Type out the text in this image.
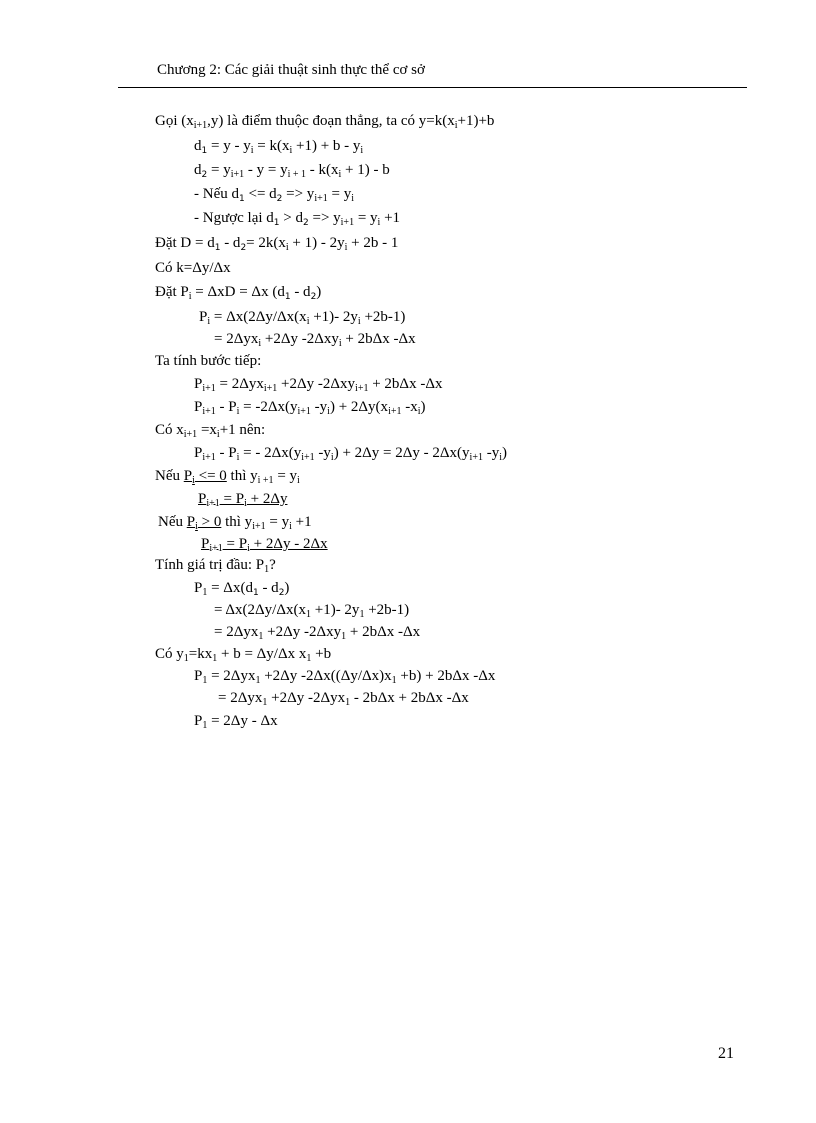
Chương 2: Các giải thuật sinh thực thể cơ sở
Gọi $(x_{i+1},y)$ là điểm thuộc đoạn thẳng, ta có $y=k(x_i+1)+b$
$d_1 = y - y_i = k(x_i +1) + b - y_i$
$d_2 = y_{i+1} - y = y_{i + 1} - k(x_i + 1) - b$
- Nếu $d_1 <= d_2 => y_{i+1} = y_i$
- Ngược lại $d_1 > d_2 => y_{i+1} = y_i +1$
Đặt $D = d_1 - d_2= 2k(x_i + 1) - 2y_i + 2b - 1$
Có k=Δy/Δx
Đặt $P_i = \Delta xD = \Delta x$ $(d_1 - d_2)$
$P_i = \Delta x(2\Delta y/\Delta x(x_i +1)-$ $2y_i +2b-1$)
= 2Δyx$_i$ +2Δy -2Δxy$_i$ + 2bΔx -Δx
Ta tính bước tiếp:
$P_{i+1} = 2\Delta yx_{i+1} +2\Delta y$ -2Δxy$_{i+1}$ + 2bΔx -Δx
$P_{i+1} - P_i = -2\Delta x(y_{i+1}$ $-y_i) + 2\Delta y(x_{i+1}$ $-x_i$)
Có $x_{i+1} =x_i+1$ nên:
$P_{i+1} - P_i$ = - $2\Delta x(y_{i+1}$ $-y_i) + 2\Delta y = 2\Delta y - 2\Delta x(y_{i+1}$ $-y_i$)
Nếu $P_i <= 0$ thì $y_{i +1} = y_i$
$P_{i+1} = P_i + 2\Delta y$
Nếu $P_i > 0$ thì $y_{i+1} = y_i +1$
$P_{i+1} = P_i + 2\Delta y - 2\Delta x$
Tính giá trị đầu: $P_1$?
$P_1 = \Delta x(d_1 - d_2)$
= $\Delta x(2\Delta y/\Delta x(x_1 +1)-$ $2y_1 +2b-1$)
= 2Δyx$_1$ +2Δy -2Δxy$_1$ + 2bΔx -Δx
Có $y_1=kx_1 + b = \Delta y/\Delta x$ $x_1 +b$
$P_1 = 2\Delta yx_1 +2\Delta y$ $-2\Delta x((\Delta y/\Delta x)x_1 +b) + 2b\Delta x$ -Δx
= 2Δyx$_1$ +2Δy -2Δyx$_1$ - 2bΔx + 2bΔx -Δx
$P_1 = 2\Delta y - \Delta x$
21
